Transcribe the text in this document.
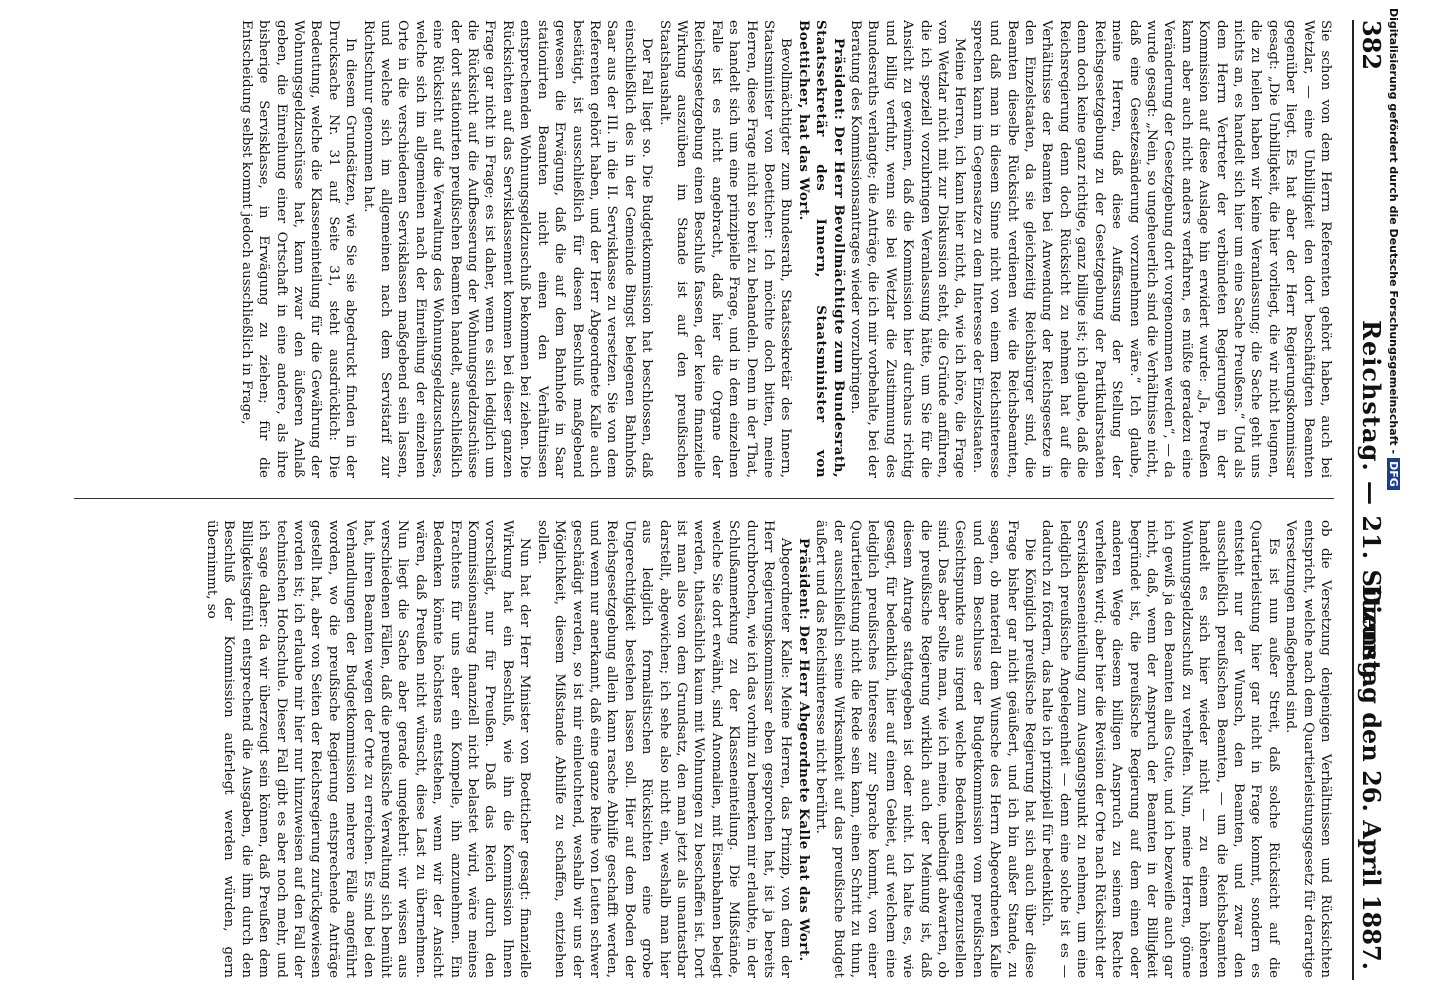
382
Reichstag. — 21. Sitzung.
Dienstag den 26. April 1887.

Sie schon von dem Herrn Referenten gehört haben, auch bei Wetzlar, — eine Unbilligkeit den dort beschäftigten Beamten gegenüber liegt. Es hat aber der Herr Regierungskommissar gesagt: „Die Unbilligkeit, die hier vorliegt, die wir nicht leugnen, die zu heilen haben wir keine Veranlassung; die Sache geht uns nichts an, es handelt sich hier um eine Sache Preußens.“ Und als dem Herrn Vertreter der verbündeten Regierungen in der Kommission auf diese Auslage hin erwidert wurde: „Ja, Preußen kann aber auch nicht anders verfahren, es müßte geradezu eine Veränderung der Gesetzgebung dort vorgenommen werden“, — da wurde gesagt: „Nein, so ungeheuerlich sind die Verhältnisse nicht, daß eine Gesetzesänderung vorzunehmen wäre.“ Ich glaube, meine Herren, daß diese Auffassung der Stellung der Reichsgesetzgebung zu der Gesetzgebung der Partikularstaaten denn doch keine ganz richtige, ganz billige ist; ich glaube, daß die Reichsregierung denn doch Rücksicht zu nehmen hat auf die Verhältnisse der Beamten bei Anwendung der Reichsgesetze in den Einzelstaaten, da sie gleichzeitig Reichsbürger sind, die Beamten dieselbe Rücksicht verdienen wie die Reichsbeamten, und daß man in diesem Sinne nicht von einem Reichsinteresse sprechen kann im Gegensatze zu dem Interesse der Einzelstaaten.

Meine Herren, ich kann hier nicht, da, wie ich höre, die Frage von Wetzlar nicht mit zur Diskussion steht, die Gründe anführen, die ich speziell vorzubringen Veranlassung hätte, um Sie für die Ansicht zu gewinnen, daß die Kommission hier durchaus richtig und billig verfuhr, wenn sie bei Wetzlar die Zustimmung des Bundesraths verlangte; die Anträge, die ich mir vorbehalte, bei der Beratung des Kommissionsantrages wieder vorzubringen.

Präsident: Der Herr Bevollmächtigte zum Bundesrath, Staatssekretär des Innern, Staatsminister von Boetticher, hat das Wort.

Bevollmächtigter zum Bundesrath, Staatssekretär des Innern, Staatsminister von Boetticher: Ich möchte doch bitten, meine Herren, diese Frage nicht so breit zu behandeln. Denn in der That, es handelt sich um eine prinzipielle Frage, und in dem einzelnen Falle ist es nicht angebracht, daß hier die Organe der Reichsgesetzgebung einen Beschluß fassen, der keine finanzielle Wirkung auszuüben im Stande ist auf den preußischen Staatshaushalt.

Der Fall liegt so. Die Budgetkommission hat beschlossen, daß einschließlich des in der Gemeinde Bingst belegenen Bahnhofs Saar aus der III. in die II. Servisklasse zu versetzen. Sie von dem Referenten gehört haben, und der Herr Abgeordnete Kalle auch bestätigt, ist ausschließlich für diesen Beschluß maßgebend gewesen die Erwägung, daß die auf dem Bahnhofe in Saar stationirten Beamten nicht einen den Verhältnissen entsprechenden Wohnungsgeldzuschuß bekommen bei ziehen. Die Rücksichten auf das Servisklassement kommen bei dieser ganzen Frage gar nicht in Frage; es ist daher, wenn es sich lediglich um die Rücksicht auf die Aufbesserung der Wohnungsgeldzuschüsse der dort stationirten preußischen Beamten handelt, ausschließlich eine Rücksicht auf die Verwaltung des Wohnungsgeldzuschusses, welche sich im allgemeinen nach der Einreihung der einzelnen Orte in die verschiedenen Servisklassen maßgebend sein lassen, und welche sich im allgemeinen nach dem Servistarif zur Richtschnur genommen hat.

In diesem Grundsätzen, wie Sie sie abgedruckt finden in der Drucksache Nr. 31 auf Seite 31, steht ausdrücklich: Die Bedeutung, welche die Klasseneinteilung für die Gewährung der Wohnungsgeldzuschüsse hat, kann zwar den äußeren Anlaß geben, die Einreihung einer Ortschaft in eine andere, als ihre bisherige Servisklasse, in Erwägung zu ziehen; für die Entscheidung selbst kommt jedoch ausschließlich in Frage,

ob die Versetzung denjenigen Verhältnissen und Rücksichten entspricht, welche nach dem Quartierleistungsgesetz für derartige Versetzungen maßgebend sind.

Es ist nun außer Streit, daß solche Rücksicht auf die Quartierleistung hier gar nicht in Frage kommt, sondern es entsteht nur der Wunsch, den Beamten, und zwar den ausschließlich preußischen Beamten, — um die Reichsbeamten handelt es sich hier wieder nicht — zu einem höheren Wohnungsgeldzuschuß zu verhelfen. Nun, meine Herren, gönne ich gewiß ja den Beamten alles Gute, und ich bezweifle auch gar nicht, daß, wenn der Anspruch der Beamten in der Billigkeit begründet ist, die preußische Regierung auf dem einen oder anderen Wege diesem billigen Anspruch zu seinem Rechte verhelfen wird; aber hier die Revision der Orte nach Rücksicht der Servisklasseneinteilung zum Ausgangspunkt zu nehmen, um eine lediglich preußische Angelegenheit — denn eine solche ist es — dadurch zu fördern, das halte ich prinzipiell für bedenklich.

Die Königlich preußische Regierung hat sich auch über diese Frage bisher gar nicht geäußert, und ich bin außer Stande, zu sagen, ob materiell dem Wunsche des Herrn Abgeordneten Kalle und dem Beschlusse der Budgetkommission vom preußischen Gesichtspunkte aus irgend welche Bedenken entgegenzustellen sind. Das aber sollte man, wie ich meine, unbedingt abwarten, ob die preußische Regierung wirklich auch der Meinung ist, daß diesem Antrage stattgegeben ist oder nicht. Ich halte es, wie gesagt, für bedenklich, hier auf einem Gebiet, auf welchem eine lediglich preußisches Interesse zur Sprache kommt, von einer Quartierleistung nicht die Rede sein kann, einen Schritt zu thun, der ausschließlich seine Wirksamkeit auf das preußische Budget äußert und das Reichsinteresse nicht berührt.

Präsident: Der Herr Abgeordnete Kalle hat das Wort.

Abgeordneter Kalle: Meine Herren, das Prinzip, von dem der Herr Regierungskommissar eben gesprochen hat, ist ja bereits durchbrochen, wie ich das vorhin zu bemerken mir erlaubte, in der Schlußanmerkung zu der Klasseneinteilung. Die Mißstände, welche Sie dort erwähnt, sind Anomalien, mit Eisenbahnen belegt werden, thatsächlich kaum mit Wohnungen zu beschaffen ist. Dort ist man also von dem Grundsatz, den man jetzt als unantastbar darstellt, abgewichen; ich sehe also nicht ein, weshalb man hier aus lediglich formalistischen Rücksichten eine grobe Ungerechtigkeit bestehen lassen soll. Hier auf dem Boden der Reichsgesetzgebung allein kann rasche Abhilfe geschafft werden, und wenn nur anerkannt, daß eine ganze Reihe von Leuten schwer geschädigt werden, so ist mir einleuchtend, weshalb wir uns der Möglichkeit, diesem Mißstande Abhilfe zu schaffen, entziehen sollen.

Nun hat der Herr Minister von Boetticher gesagt: finanzielle Wirkung hat ein Beschluß, wie ihn die Kommission Ihnen vorschlägt, nur für Preußen. Daß das Reich durch den Kommissionsantrag finanziell nicht belastet wird, wäre meines Erachtens für uns eher ein Kompelle, ihn anzunehmen. Ein Bedenken könnte höchstens entstehen, wenn wir der Ansicht wären, daß Preußen nicht wünscht, diese Last zu übernehmen. Nun liegt die Sache aber gerade umgekehrt: wir wissen aus verschiedenen Fällen, daß die preußische Verwaltung sich bemüht hat, ihren Beamten wegen der Orte zu erreichen. Es sind bei den Verhandlungen der Budgetkommission mehrere Fälle angeführt worden, wo die preußische Regierung entsprechende Anträge gestellt hat, aber von Seiten der Reichsregierung zurückgewiesen worden ist; ich erlaube mir hier nur hinzuweisen auf den Fall der technischen Hochschule. Dieser Fall gibt es aber noch mehr, und ich sage daher: da wir überzeugt sein können, daß Preußen dem Billigkeitsgefühl entsprechend die Ausgaben, die ihm durch den Beschluß der Kommission auferlegt werden würden, gern übernimmt, so

Digitalisierung gefördert durch die Deutsche Forschungsgemeinschaft -DFG
